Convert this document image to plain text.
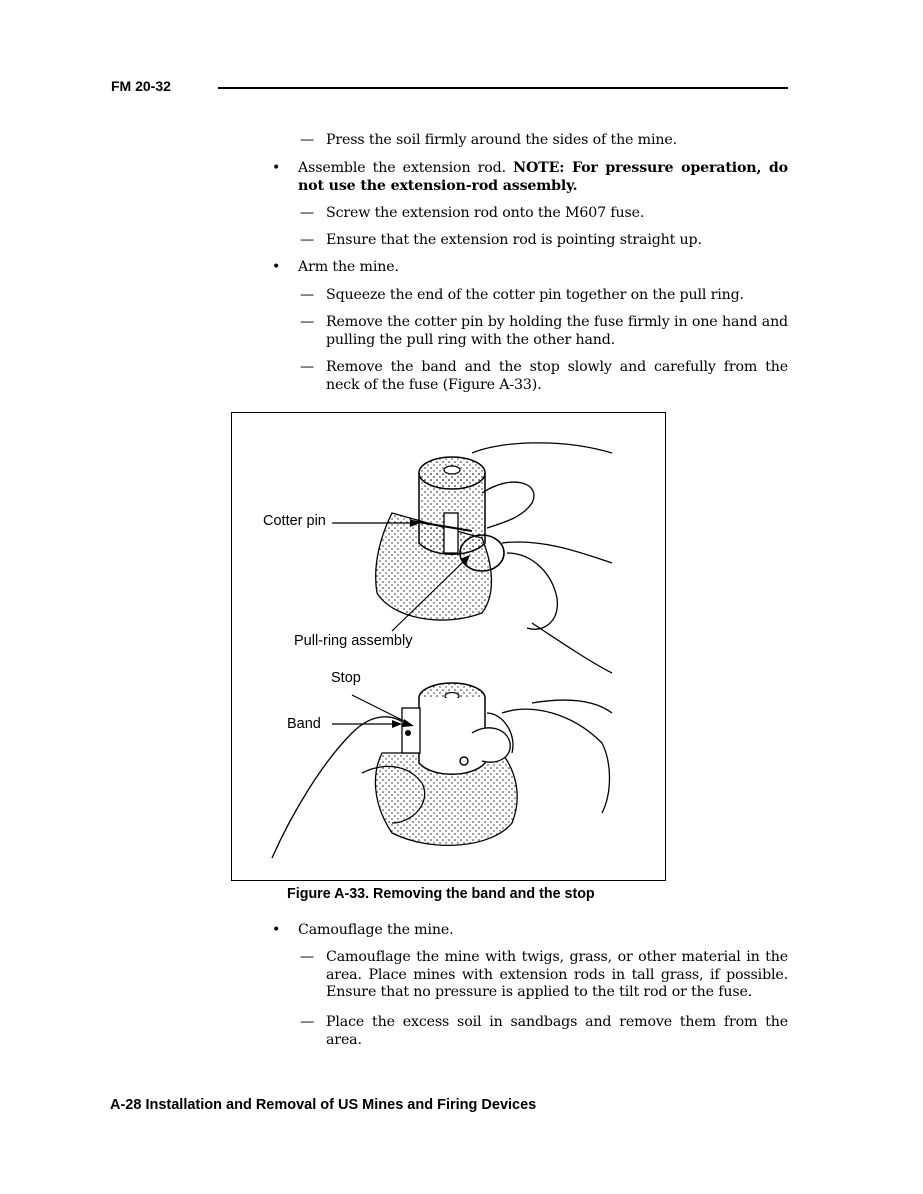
FM 20-32
— Press the soil firmly around the sides of the mine.
• Assemble the extension rod. NOTE: For pressure operation, do not use the extension-rod assembly.
— Screw the extension rod onto the M607 fuse.
— Ensure that the extension rod is pointing straight up.
• Arm the mine.
— Squeeze the end of the cotter pin together on the pull ring.
— Remove the cotter pin by holding the fuse firmly in one hand and pulling the pull ring with the other hand.
— Remove the band and the stop slowly and carefully from the neck of the fuse (Figure A-33).
Cotter pin
Pull-ring assembly
Stop
Band
Figure A-33. Removing the band and the stop
• Camouflage the mine.
— Camouflage the mine with twigs, grass, or other material in the area. Place mines with extension rods in tall grass, if possible. Ensure that no pressure is applied to the tilt rod or the fuse.
— Place the excess soil in sandbags and remove them from the area.
A-28 Installation and Removal of US Mines and Firing Devices
